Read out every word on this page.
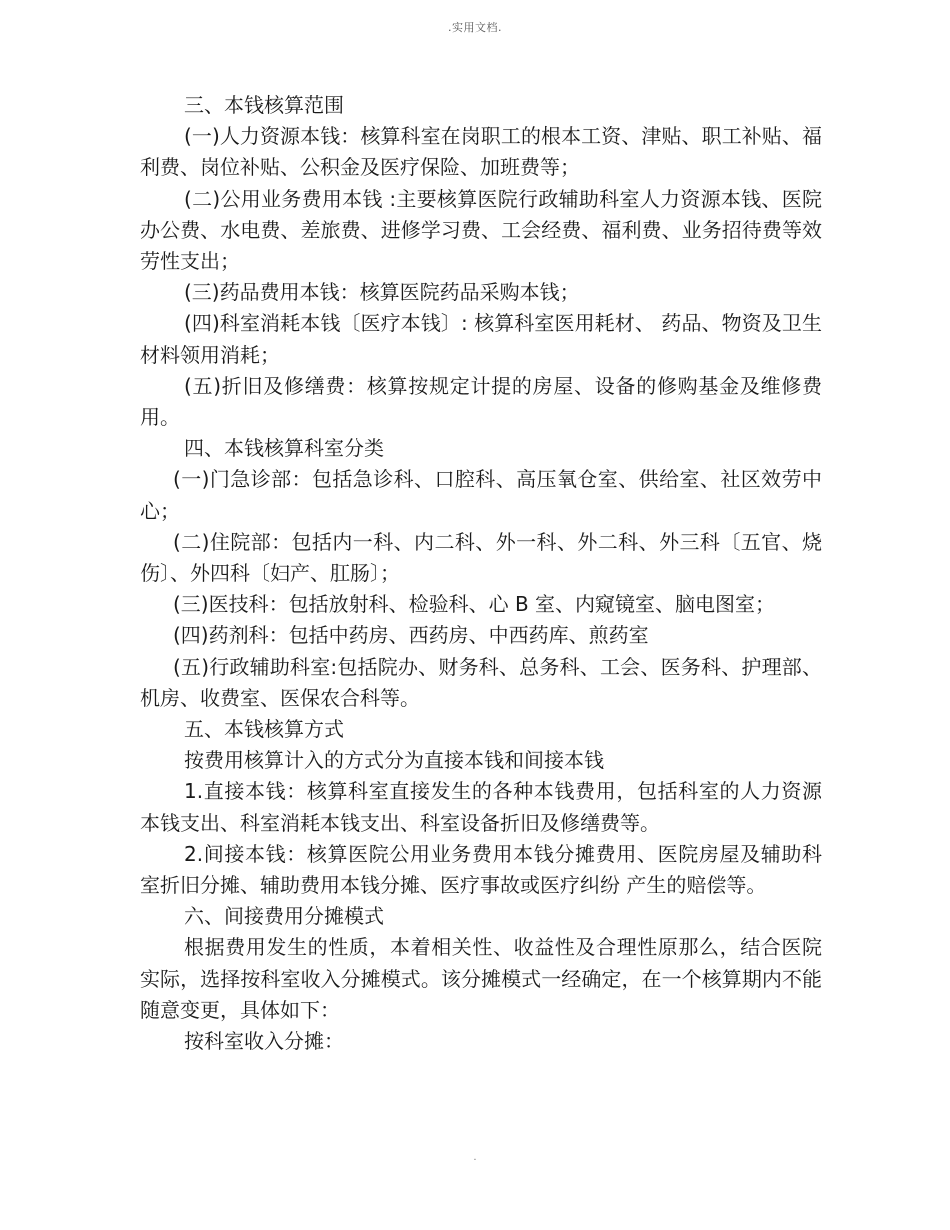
.实用文档.

三、本钱核算范围

(一)人力资源本钱：核算科室在岗职工的根本工资、津贴、职工补贴、福利费、岗位补贴、公积金及医疗保险、加班费等；

(二)公用业务费用本钱 :主要核算医院行政辅助科室人力资源本钱、医院办公费、水电费、差旅费、进修学习费、工会经费、福利费、业务招待费等效劳性支出；

(三)药品费用本钱：核算医院药品采购本钱；

(四)科室消耗本钱〔医疗本钱〕: 核算科室医用耗材、 药品、物资及卫生材料领用消耗；

(五)折旧及修缮费：核算按规定计提的房屋、设备的修购基金及维修费用。

四、本钱核算科室分类

(一)门急诊部：包括急诊科、口腔科、高压氧仓室、供给室、社区效劳中心；

(二)住院部：包括内一科、内二科、外一科、外二科、外三科〔五官、烧伤〕、外四科〔妇产、肛肠〕；

(三)医技科：包括放射科、检验科、心 B 室、内窥镜室、脑电图室；

(四)药剂科：包括中药房、西药房、中西药库、煎药室

(五)行政辅助科室:包括院办、财务科、总务科、工会、医务科、护理部、机房、收费室、医保农合科等。

五、本钱核算方式

按费用核算计入的方式分为直接本钱和间接本钱

1.直接本钱：核算科室直接发生的各种本钱费用，包括科室的人力资源本钱支出、科室消耗本钱支出、科室设备折旧及修缮费等。

2.间接本钱：核算医院公用业务费用本钱分摊费用、医院房屋及辅助科室折旧分摊、辅助费用本钱分摊、医疗事故或医疗纠纷 产生的赔偿等。

六、间接费用分摊模式

根据费用发生的性质，本着相关性、收益性及合理性原那么，结合医院实际，选择按科室收入分摊模式。该分摊模式一经确定，在一个核算期内不能随意变更，具体如下：

按科室收入分摊：

.
